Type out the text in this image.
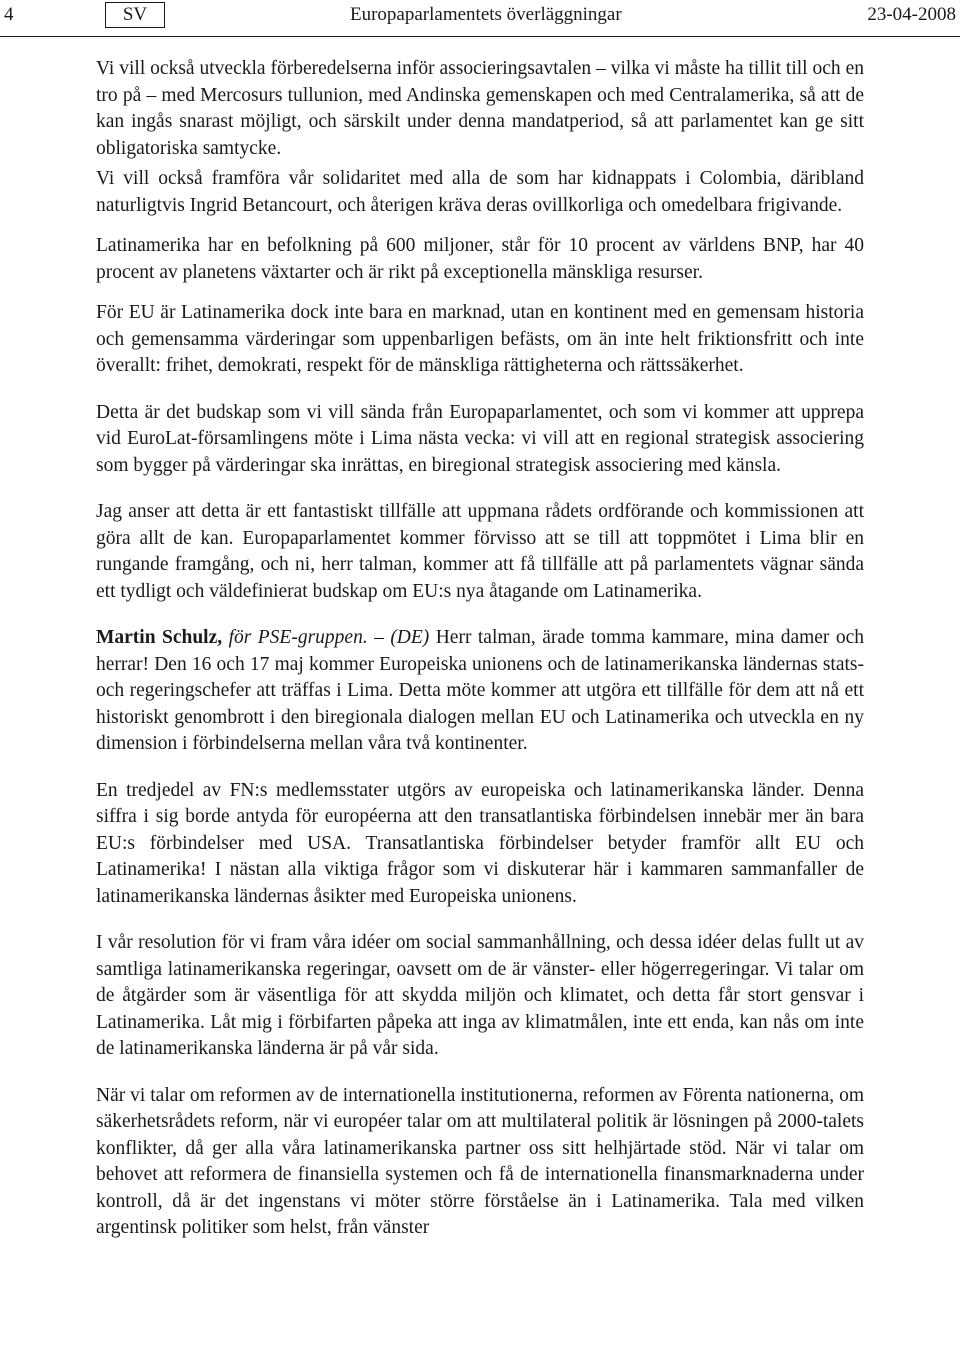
4	SV	Europaparlamentets överläggningar	23-04-2008

Vi vill också utveckla förberedelserna inför associeringsavtalen – vilka vi måste ha tillit till och en tro på – med Mercosurs tullunion, med Andinska gemenskapen och med Centralamerika, så att de kan ingås snarast möjligt, och särskilt under denna mandatperiod, så att parlamentet kan ge sitt obligatoriska samtycke.

Vi vill också framföra vår solidaritet med alla de som har kidnappats i Colombia, däribland naturligtvis Ingrid Betancourt, och återigen kräva deras ovillkorliga och omedelbara frigivande.

Latinamerika har en befolkning på 600 miljoner, står för 10 procent av världens BNP, har 40 procent av planetens växtarter och är rikt på exceptionella mänskliga resurser.

För EU är Latinamerika dock inte bara en marknad, utan en kontinent med en gemensam historia och gemensamma värderingar som uppenbarligen befästs, om än inte helt friktionsfritt och inte överallt: frihet, demokrati, respekt för de mänskliga rättigheterna och rättssäkerhet.

Detta är det budskap som vi vill sända från Europaparlamentet, och som vi kommer att upprepa vid EuroLat-församlingens möte i Lima nästa vecka: vi vill att en regional strategisk associering som bygger på värderingar ska inrättas, en biregional strategisk associering med känsla.

Jag anser att detta är ett fantastiskt tillfälle att uppmana rådets ordförande och kommissionen att göra allt de kan. Europaparlamentet kommer förvisso att se till att toppmötet i Lima blir en rungande framgång, och ni, herr talman, kommer att få tillfälle att på parlamentets vägnar sända ett tydligt och väldefinierat budskap om EU:s nya åtagande om Latinamerika.

Martin Schulz, för PSE-gruppen. – (DE) Herr talman, ärade tomma kammare, mina damer och herrar! Den 16 och 17 maj kommer Europeiska unionens och de latinamerikanska ländernas stats- och regeringschefer att träffas i Lima. Detta möte kommer att utgöra ett tillfälle för dem att nå ett historiskt genombrott i den biregionala dialogen mellan EU och Latinamerika och utveckla en ny dimension i förbindelserna mellan våra två kontinenter.

En tredjedel av FN:s medlemsstater utgörs av europeiska och latinamerikanska länder. Denna siffra i sig borde antyda för européerna att den transatlantiska förbindelsen innebär mer än bara EU:s förbindelser med USA. Transatlantiska förbindelser betyder framför allt EU och Latinamerika! I nästan alla viktiga frågor som vi diskuterar här i kammaren sammanfaller de latinamerikanska ländernas åsikter med Europeiska unionens.

I vår resolution för vi fram våra idéer om social sammanhållning, och dessa idéer delas fullt ut av samtliga latinamerikanska regeringar, oavsett om de är vänster- eller högerregeringar. Vi talar om de åtgärder som är väsentliga för att skydda miljön och klimatet, och detta får stort gensvar i Latinamerika. Låt mig i förbifarten påpeka att inga av klimatmålen, inte ett enda, kan nås om inte de latinamerikanska länderna är på vår sida.

När vi talar om reformen av de internationella institutionerna, reformen av Förenta nationerna, om säkerhetsrådets reform, när vi européer talar om att multilateral politik är lösningen på 2000-talets konflikter, då ger alla våra latinamerikanska partner oss sitt helhjärtade stöd. När vi talar om behovet att reformera de finansiella systemen och få de internationella finansmarknaderna under kontroll, då är det ingenstans vi möter större förståelse än i Latinamerika. Tala med vilken argentinsk politiker som helst, från vänster
